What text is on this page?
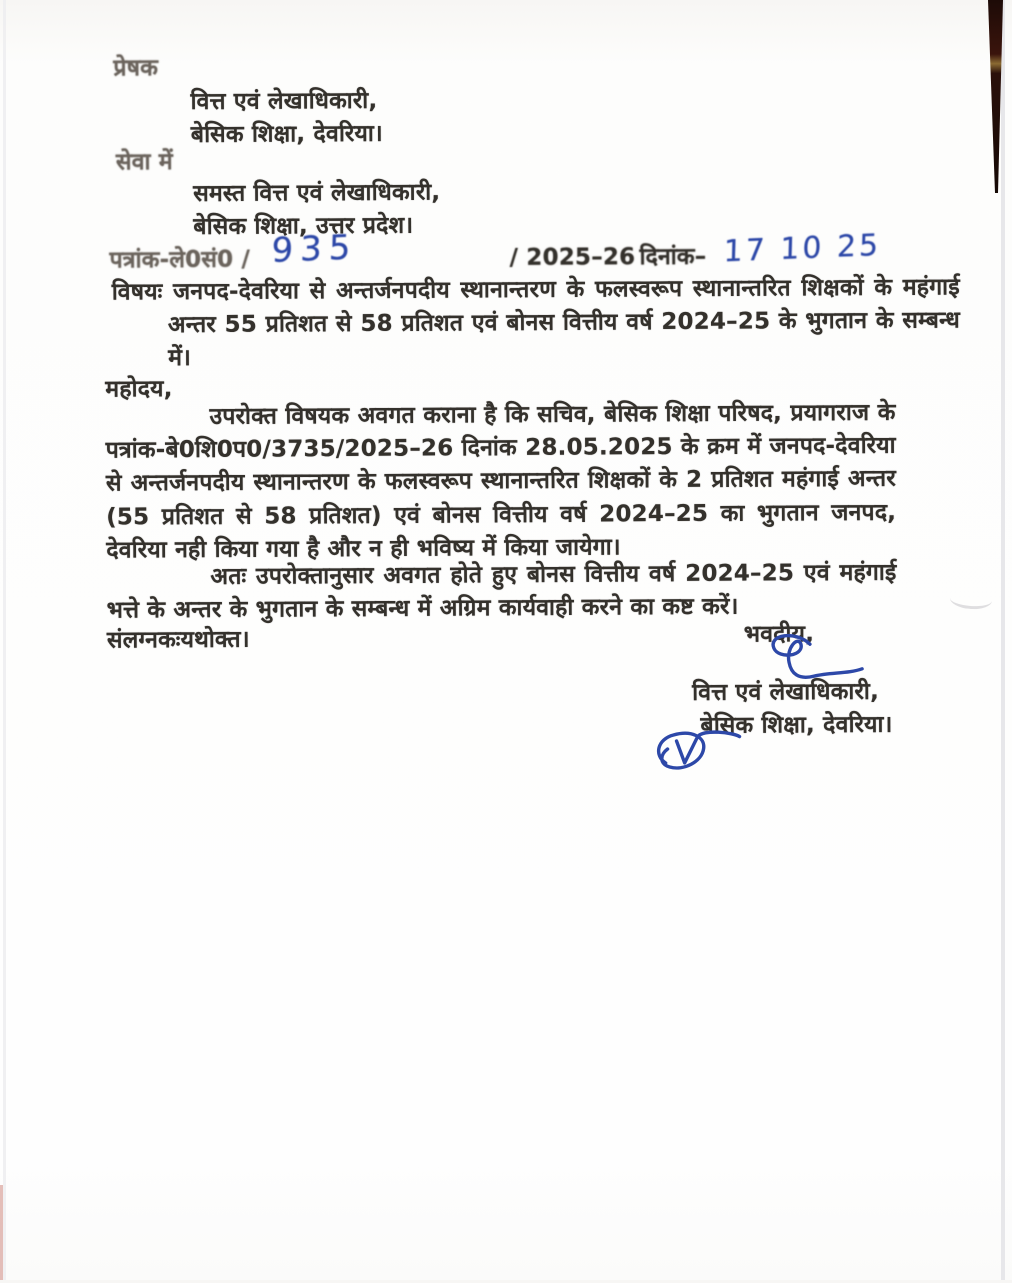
प्रेषक
वित्त एवं लेखाधिकारी,
बेसिक शिक्षा, देवरिया।
सेवा में
समस्त वित्त एवं लेखाधिकारी,
बेसिक शिक्षा, उत्तर प्रदेश।
पत्रांक-ले0सं0 / 935	/ 2025–26 दिनांक– 17 10 25
विषयः जनपद-देवरिया से अन्तर्जनपदीय स्थानान्तरण के फलस्वरूप स्थानान्तरित शिक्षकों के महंगाई अन्तर 55 प्रतिशत से 58 प्रतिशत एवं बोनस वित्तीय वर्ष 2024–25 के भुगतान के सम्बन्ध में।
महोदय,
उपरोक्त विषयक अवगत कराना है कि सचिव, बेसिक शिक्षा परिषद, प्रयागराज के पत्रांक-बे0शि0प0/3735/2025–26 दिनांक 28.05.2025 के क्रम में जनपद-देवरिया से अन्तर्जनपदीय स्थानान्तरण के फलस्वरूप स्थानान्तरित शिक्षकों के 2 प्रतिशत महंगाई अन्तर (55 प्रतिशत से 58 प्रतिशत) एवं बोनस वित्तीय वर्ष 2024–25 का भुगतान जनपद, देवरिया नही किया गया है और न ही भविष्य में किया जायेगा।
अतः उपरोक्तानुसार अवगत होते हुए बोनस वित्तीय वर्ष 2024–25 एवं महंगाई भत्ते के अन्तर के भुगतान के सम्बन्ध में अग्रिम कार्यवाही करने का कष्ट करें।
संलग्नकःयथोक्त।	भवदीय,
वित्त एवं लेखाधिकारी,
बेसिक शिक्षा, देवरिया।
